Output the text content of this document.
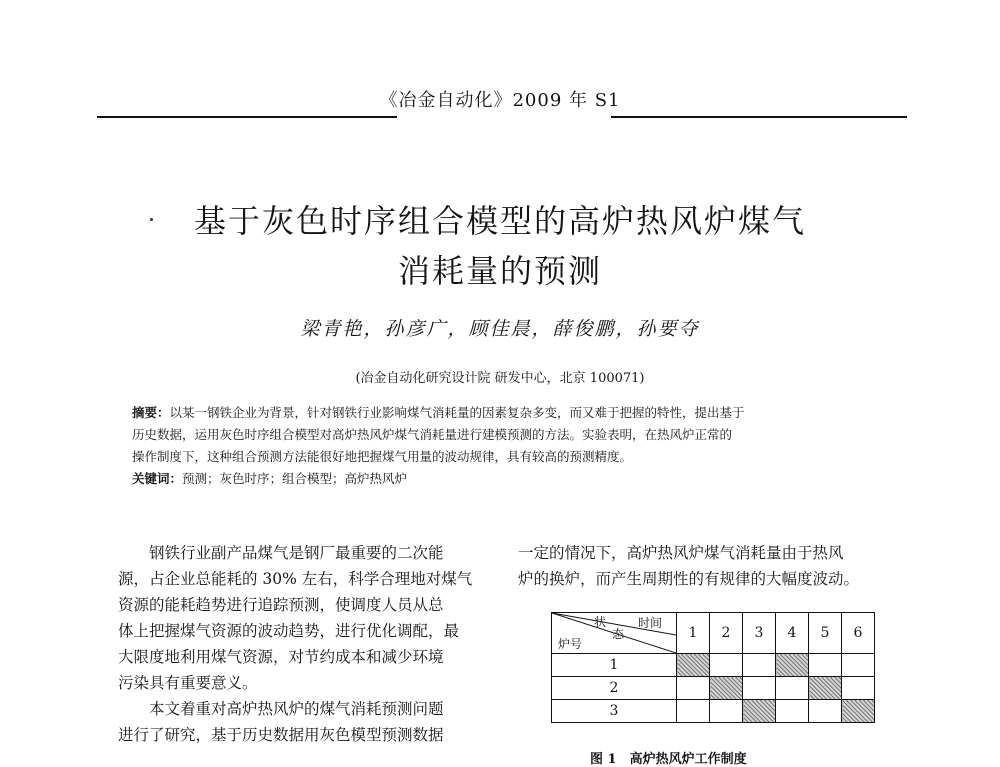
《冶金自动化》2009 年 S1
基于灰色时序组合模型的高炉热风炉煤气
消耗量的预测
梁青艳，孙彦广，顾佳晨，薛俊鹏，孙要夺
(冶金自动化研究设计院 研发中心，北京 100071)
摘要：以某一钢铁企业为背景，针对钢铁行业影响煤气消耗量的因素复杂多变，而又难于把握的特性，提出基于
历史数据，运用灰色时序组合模型对高炉热风炉煤气消耗量进行建模预测的方法。实验表明，在热风炉正常的
操作制度下，这种组合预测方法能很好地把握煤气用量的波动规律，具有较高的预测精度。
关键词：预测；灰色时序；组合模型；高炉热风炉
　　钢铁行业副产品煤气是钢厂最重要的二次能
源，占企业总能耗的 30% 左右，科学合理地对煤气
资源的能耗趋势进行追踪预测，使调度人员从总
体上把握煤气资源的波动趋势，进行优化调配，最
大限度地利用煤气资源，对节约成本和减少环境
污染具有重要意义。
　　本文着重对高炉热风炉的煤气消耗预测问题
进行了研究，基于历史数据用灰色模型预测数据
一定的情况下，高炉热风炉煤气消耗量由于热风
炉的换炉，而产生周期性的有规律的大幅度波动。
状
态
时间
炉号	1	2	3	4	5	6
1						
2						
3						
图 1　高炉热风炉工作制度
